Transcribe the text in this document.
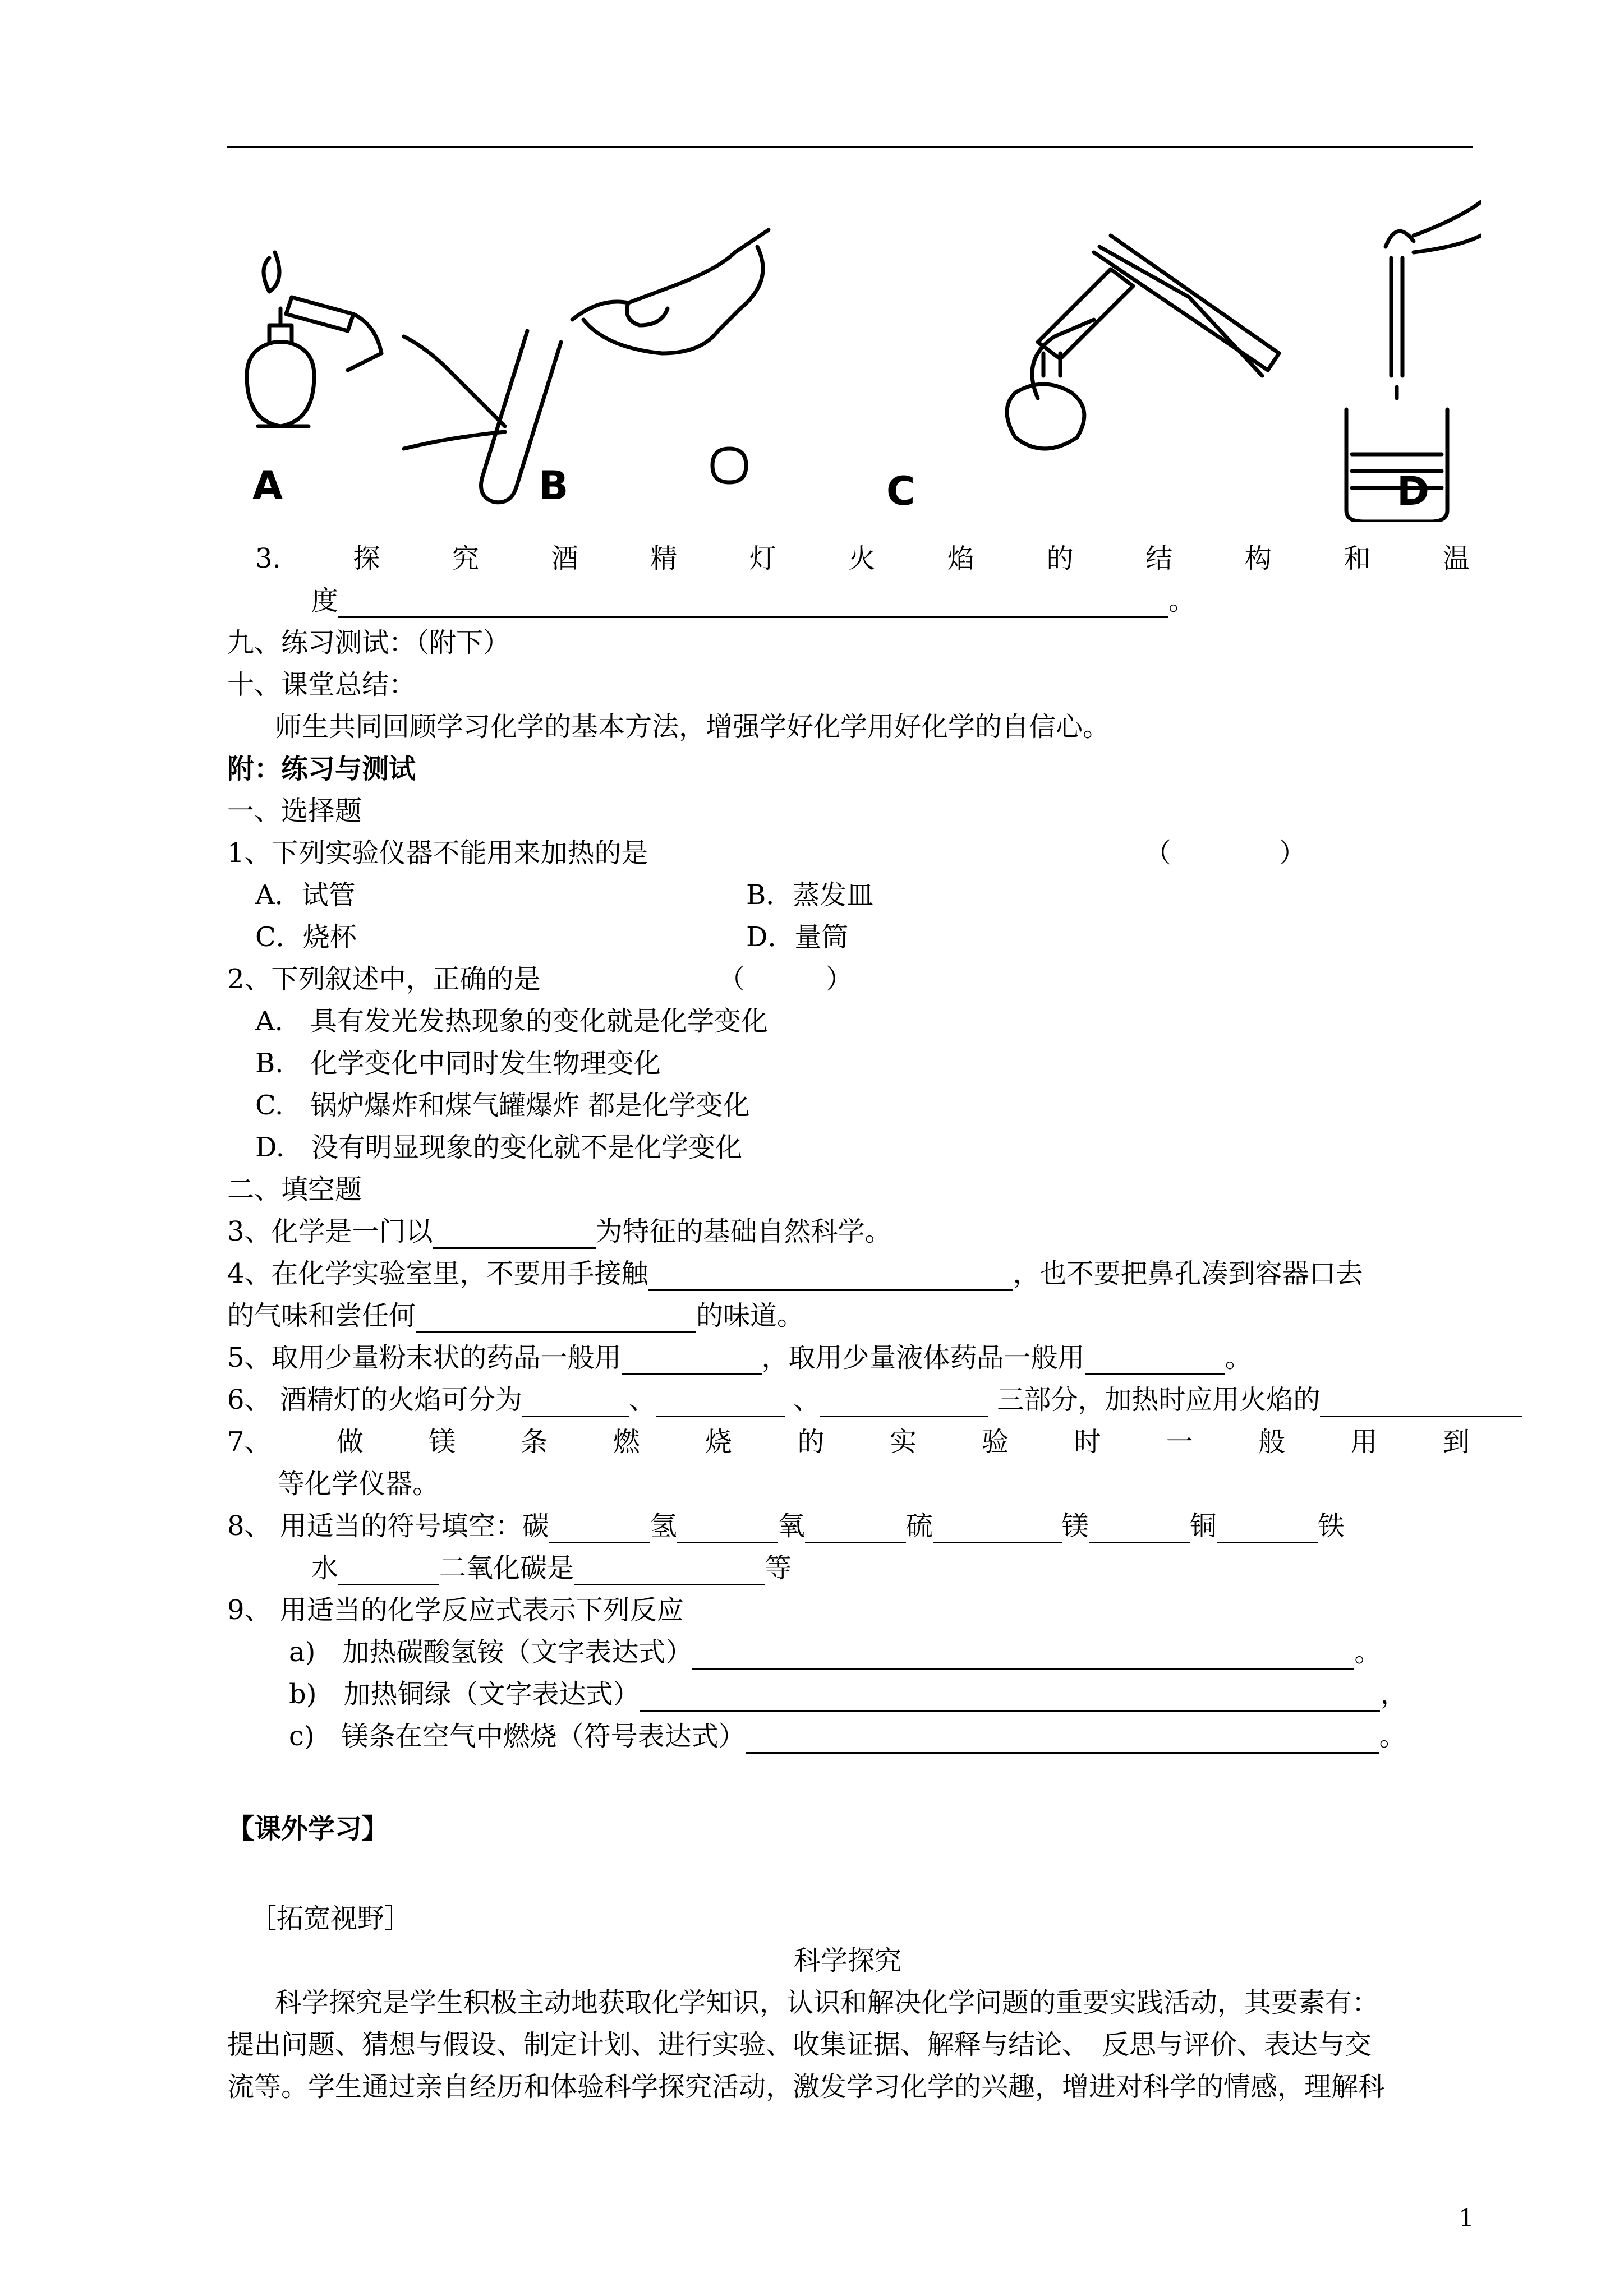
A	B	C	D
3.	探	究	酒	精	灯	火	焰	的	结	构	和	温
度	。
九、练习测试：（附下）
十、课堂总结：
师生共同回顾学习化学的基本方法，增强学好化学用好化学的自信心。
附：练习与测试
一、选择题
1、下列实验仪器不能用来加热的是	（　　　　）
A．试管	B．蒸发皿
C．烧杯	D．量筒
2、下列叙述中，正确的是	（　　　）
A.　具有发光发热现象的变化就是化学变化
B.　化学变化中同时发生物理变化
C.　锅炉爆炸和煤气罐爆炸 都是化学变化
D.　没有明显现象的变化就不是化学变化
二、填空题
3、化学是一门以	为特征的基础自然科学。
4、在化学实验室里，不要用手接触	，也不要把鼻孔凑到容器口去
的气味和尝任何	的味道。
5、取用少量粉末状的药品一般用	，取用少量液体药品一般用	。
6、 酒精灯的火焰可分为	、	、	三部分，加热时应用火焰的
7、 做 镁 条 燃 烧 的 实 验 时 一 般 用 到
等化学仪器。
8、 用适当的符号填空：碳	氢	氧	硫	镁	铜	铁
水	二氧化碳是	等
9、 用适当的化学反应式表示下列反应
a)　加热碳酸氢铵（文字表达式）	。
b)　加热铜绿（文字表达式）	，
c)　镁条在空气中燃烧（符号表达式）	。
【课外学习】
［拓宽视野］
科学探究
科学探究是学生积极主动地获取化学知识，认识和解决化学问题的重要实践活动，其要素有：
提出问题、猜想与假设、制定计划、进行实验、收集证据、解释与结论、　反思与评价、表达与交
流等。学生通过亲自经历和体验科学探究活动，激发学习化学的兴趣，增进对科学的情感，理解科
1
